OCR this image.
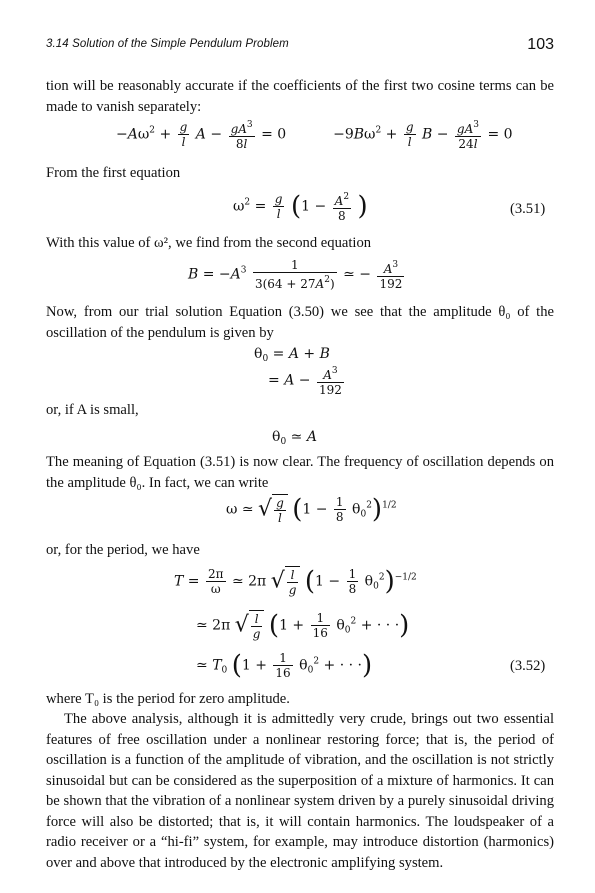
3.14 Solution of the Simple Pendulum Problem	103

tion will be reasonably accurate if the coefficients of the first two cosine terms can be made to vanish separately:

$-A\omega^2 + \frac{g}{l}$ $A - \frac{gA^3}{8l} = 0$	$-9B\omega^2 + \frac{g}{l}$ $B - \frac{gA^3}{24l} = 0$

From the first equation

$\omega^2 = \frac{g}{l} (1 - \frac{A^2}{8}$ )	(3.51)

With this value of ω², we find from the second equation

$B = -A^3 \frac{1}{3(64 + 27A^2)}$ ≃ − $\frac{A^3}{192}$

Now, from our trial solution Equation (3.50) we see that the amplitude θ₀ of the oscillation of the pendulum is given by

$\theta_0 = A + B$
= $A - \frac{A^3}{192}$

or, if A is small,

$\theta_0$ ≃ A

The meaning of Equation (3.51) is now clear. The frequency of oscillation depends on the amplitude θ₀. In fact, we can write

ω ≃ √ $\frac{g}{l} (1 - \frac{1}{8} \theta_0^2)^{1/2}$

or, for the period, we have

$T = \frac{2\pi}{\omega}$ ≃ 2π √ $\frac{l}{g} (1 - \frac{1}{8} \theta_0^2)^{-1/2}$
≃ 2π √ $\frac{l}{g} (1 + \frac{1}{16} \theta_0^2$ + · · ·)
≃ $T_0$ ($1 + \frac{1}{16} \theta_0^2$ + · · ·)	(3.52)

where T₀ is the period for zero amplitude.

The above analysis, although it is admittedly very crude, brings out two essential features of free oscillation under a nonlinear restoring force; that is, the period of oscillation is a function of the amplitude of vibration, and the oscillation is not strictly sinusoidal but can be considered as the superposition of a mixture of harmonics. It can be shown that the vibration of a nonlinear system driven by a purely sinusoidal driving force will also be distorted; that is, it will contain harmonics. The loudspeaker of a radio receiver or a “hi-fi” system, for example, may introduce distortion (harmonics) over and above that introduced by the electronic amplifying system.
